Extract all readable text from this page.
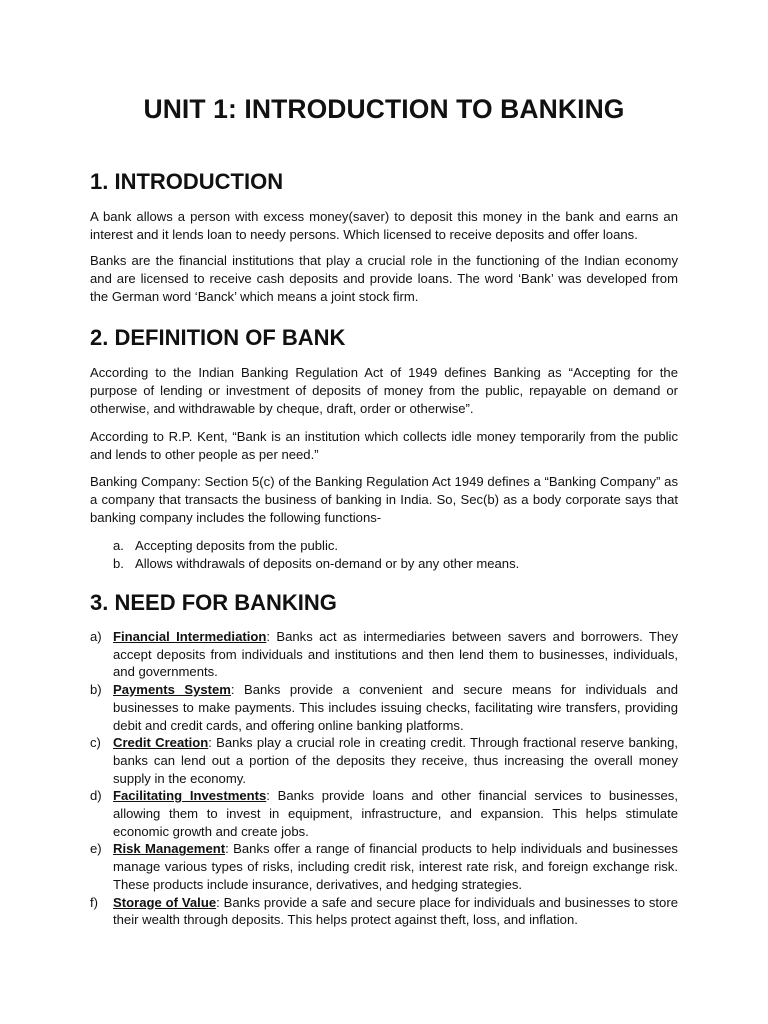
UNIT 1: INTRODUCTION TO BANKING
1. INTRODUCTION

A bank allows a person with excess money(saver) to deposit this money in the bank and earns an interest and it lends loan to needy persons. Which licensed to receive deposits and offer loans.

Banks are the financial institutions that play a crucial role in the functioning of the Indian economy and are licensed to receive cash deposits and provide loans. The word ‘Bank’ was developed from the German word ‘Banck’ which means a joint stock firm.

2. DEFINITION OF BANK

According to the Indian Banking Regulation Act of 1949 defines Banking as “Accepting for the purpose of lending or investment of deposits of money from the public, repayable on demand or otherwise, and withdrawable by cheque, draft, order or otherwise”.

According to R.P. Kent, “Bank is an institution which collects idle money temporarily from the public and lends to other people as per need.”

Banking Company: Section 5(c) of the Banking Regulation Act 1949 defines a “Banking Company” as a company that transacts the business of banking in India. So, Sec(b) as a body corporate says that banking company includes the following functions-

a. Accepting deposits from the public.
b. Allows withdrawals of deposits on-demand or by any other means.
3. NEED FOR BANKING
a) Financial Intermediation: Banks act as intermediaries between savers and borrowers. They accept deposits from individuals and institutions and then lend them to businesses, individuals, and governments.
b) Payments System: Banks provide a convenient and secure means for individuals and businesses to make payments. This includes issuing checks, facilitating wire transfers, providing debit and credit cards, and offering online banking platforms.
c) Credit Creation: Banks play a crucial role in creating credit. Through fractional reserve banking, banks can lend out a portion of the deposits they receive, thus increasing the overall money supply in the economy.
d) Facilitating Investments: Banks provide loans and other financial services to businesses, allowing them to invest in equipment, infrastructure, and expansion. This helps stimulate economic growth and create jobs.
e) Risk Management: Banks offer a range of financial products to help individuals and businesses manage various types of risks, including credit risk, interest rate risk, and foreign exchange risk. These products include insurance, derivatives, and hedging strategies.
f) Storage of Value: Banks provide a safe and secure place for individuals and businesses to store their wealth through deposits. This helps protect against theft, loss, and inflation.
